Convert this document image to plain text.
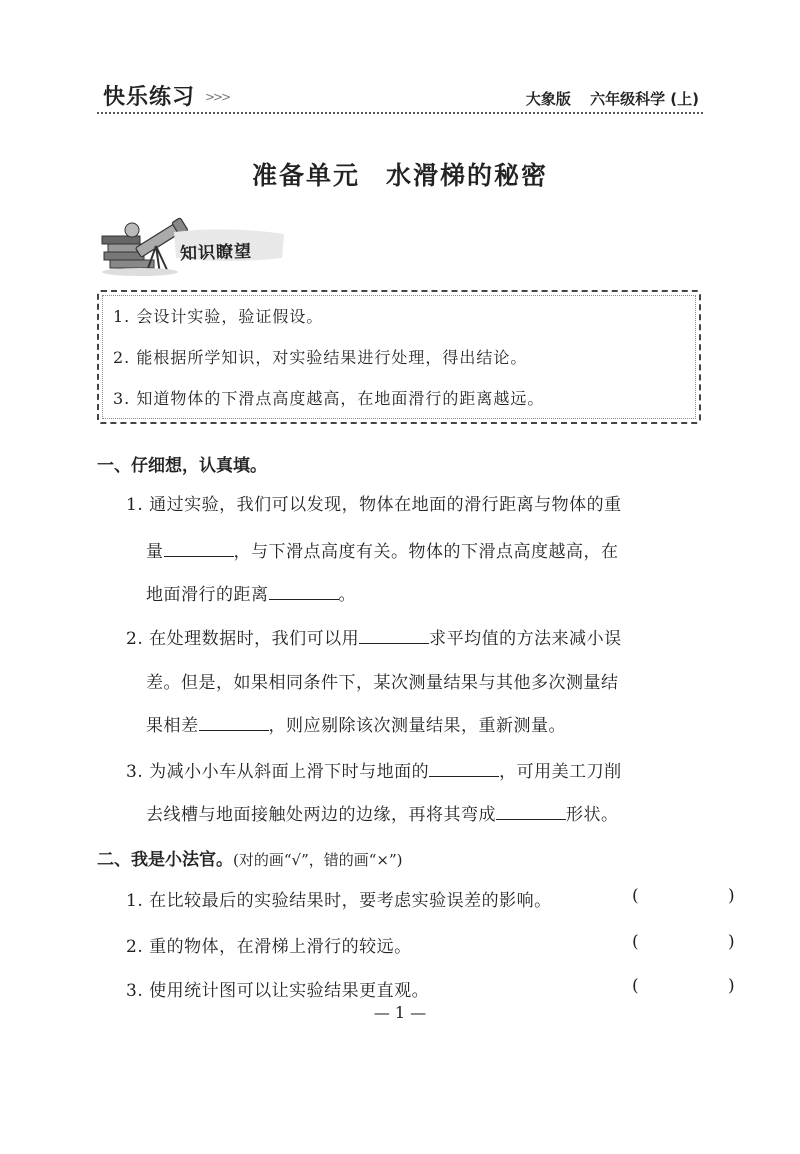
快乐练习 >>>	大象版 六年级科学 (上)
准备单元 水滑梯的秘密
知识瞭望
1. 会设计实验，验证假设。
2. 能根据所学知识，对实验结果进行处理，得出结论。
3. 知道物体的下滑点高度越高，在地面滑行的距离越远。
一、仔细想，认真填。
1. 通过实验，我们可以发现，物体在地面的滑行距离与物体的重
量	，与下滑点高度有关。物体的下滑点高度越高，在
地面滑行的距离	。
2. 在处理数据时，我们可以用	求平均值的方法来减小误
差。但是，如果相同条件下，某次测量结果与其他多次测量结
果相差	，则应剔除该次测量结果，重新测量。
3. 为减小小车从斜面上滑下时与地面的	，可用美工刀削
去线槽与地面接触处两边的边缘，再将其弯成	形状。
二、我是小法官。(对的画“√”，错的画“×”)
1. 在比较最后的实验结果时，要考虑实验误差的影响。	( )
2. 重的物体，在滑梯上滑行的较远。	( )
3. 使用统计图可以让实验结果更直观。	( )
— 1 —
